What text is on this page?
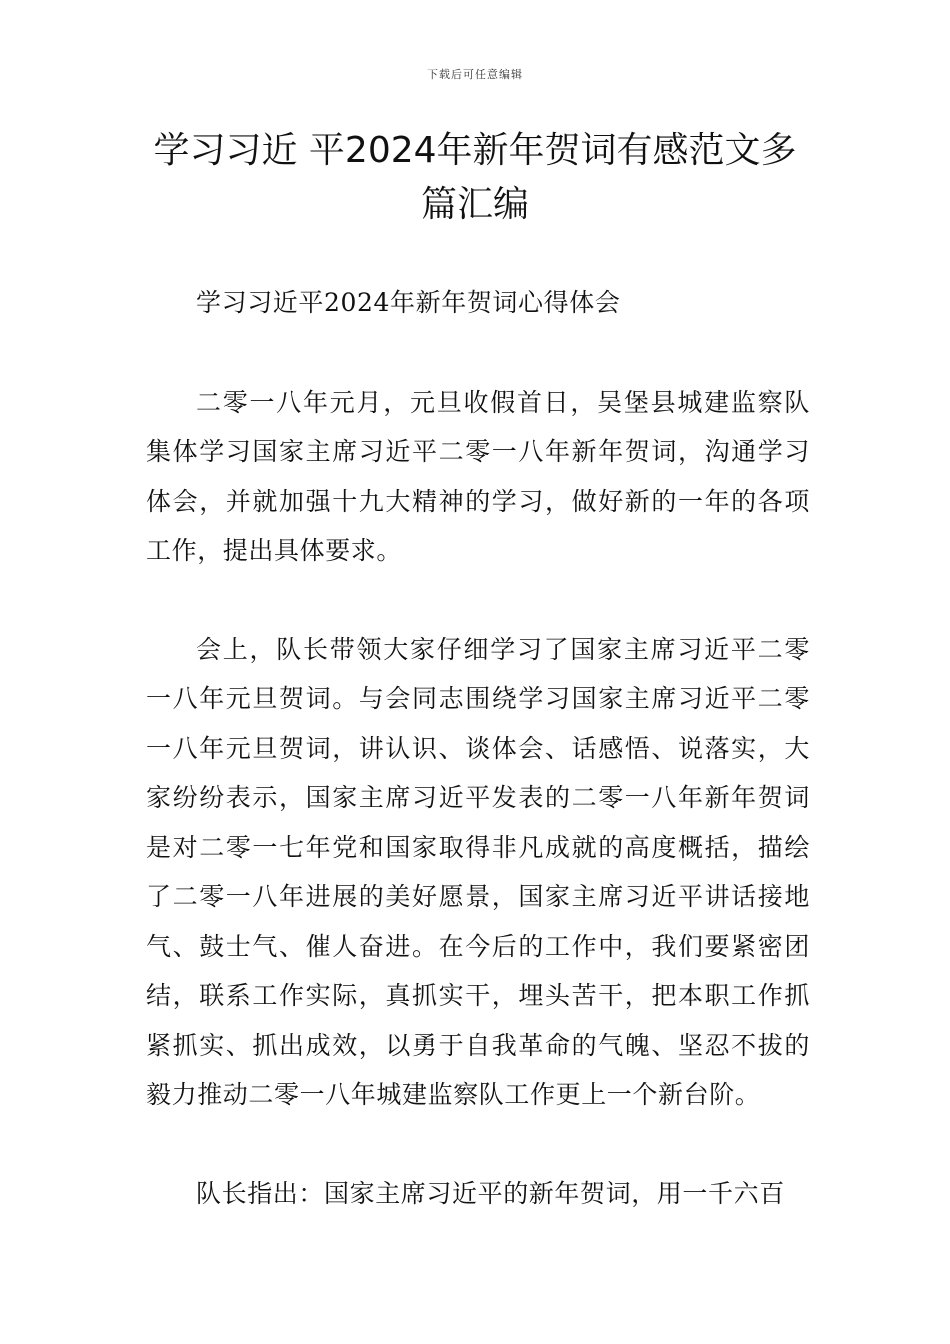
下载后可任意编辑
学习习近 平2024年新年贺词有感范文多篇汇编

学习习近平2024年新年贺词心得体会

二零一八年元月，元旦收假首日，吴堡县城建监察队集体学习国家主席习近平二零一八年新年贺词，沟通学习体会，并就加强十九大精神的学习，做好新的一年的各项工作，提出具体要求。

会上，队长带领大家仔细学习了国家主席习近平二零一八年元旦贺词。与会同志围绕学习国家主席习近平二零一八年元旦贺词，讲认识、谈体会、话感悟、说落实，大家纷纷表示，国家主席习近平发表的二零一八年新年贺词是对二零一七年党和国家取得非凡成就的高度概括，描绘了二零一八年进展的美好愿景，国家主席习近平讲话接地气、鼓士气、催人奋进。在今后的工作中，我们要紧密团结，联系工作实际，真抓实干，埋头苦干，把本职工作抓紧抓实、抓出成效，以勇于自我革命的气魄、坚忍不拔的毅力推动二零一八年城建监察队工作更上一个新台阶。

队长指出：国家主席习近平的新年贺词，用一千六百
